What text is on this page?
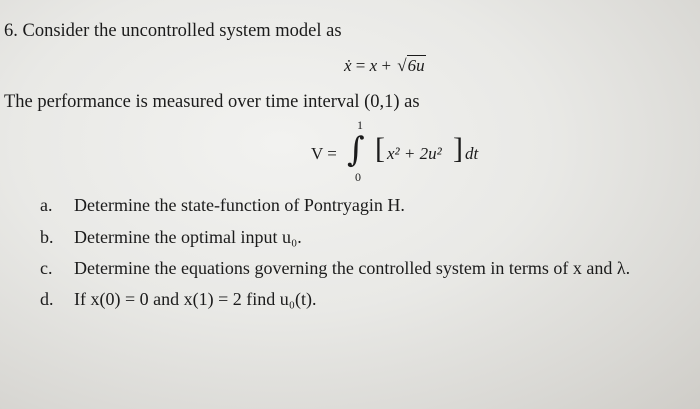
6. Consider the uncontrolled system model as
ẋ = x + √6u
The performance is measured over time interval (0,1) as
V =
1
∫
0
[ x² + 2u² ] dt
a. Determine the state-function of Pontryagin H.
b. Determine the optimal input u₀.
c. Determine the equations governing the controlled system in terms of x and λ.
d. If x(0) = 0 and x(1) = 2 find u₀(t).
